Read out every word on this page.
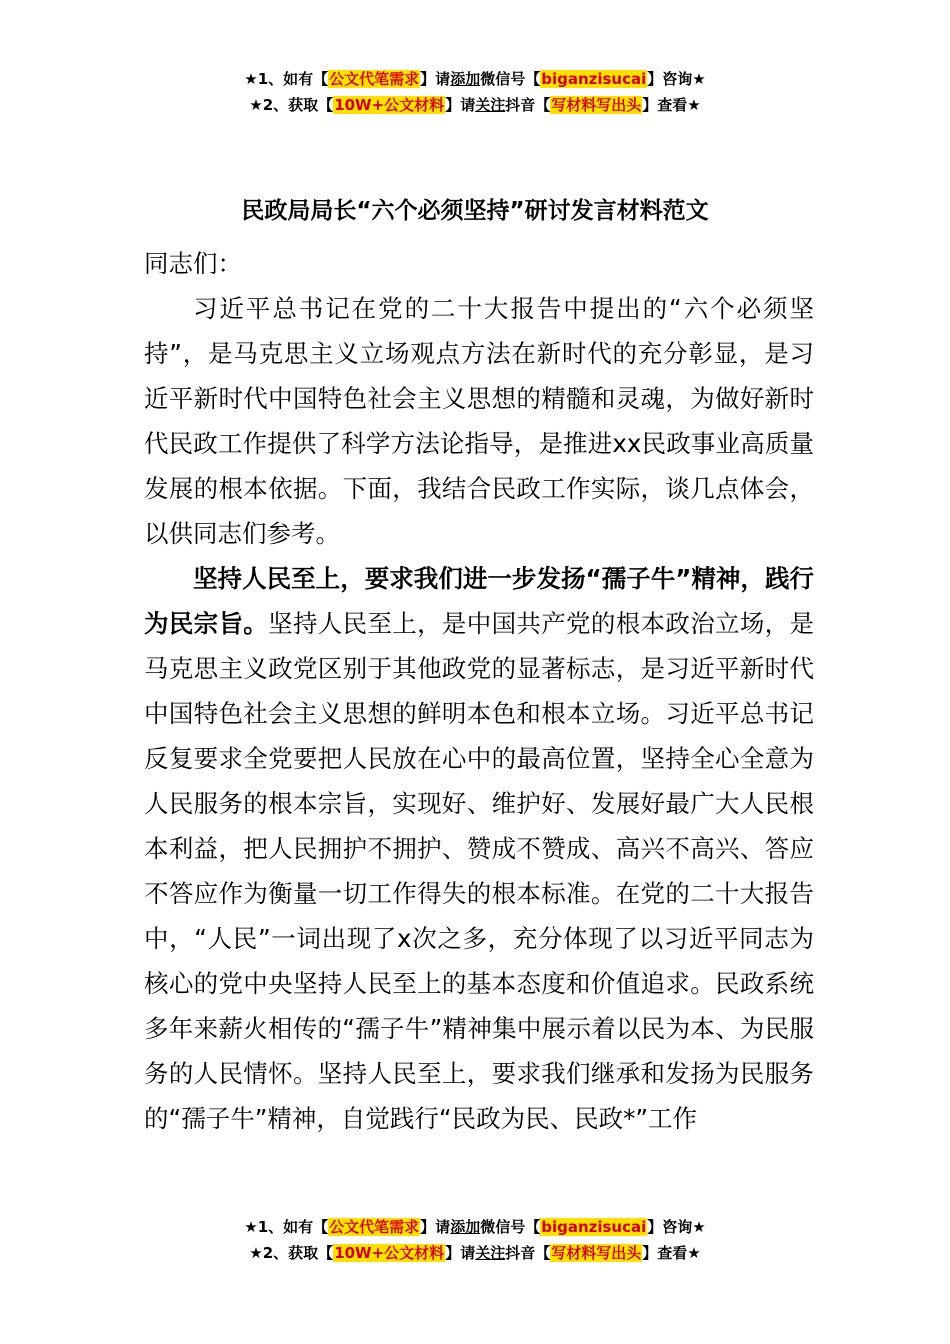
★1、如有【公文代笔需求】请添加微信号【biganzisucai】咨询★
★2、获取【10W+公文材料】请关注抖音【写材料写出头】查看★
民政局局长“六个必须坚持”研讨发言材料范文

同志们：

习近平总书记在党的二十大报告中提出的“六个必须坚持”，是马克思主义立场观点方法在新时代的充分彰显，是习近平新时代中国特色社会主义思想的精髓和灵魂，为做好新时代民政工作提供了科学方法论指导，是推进xx民政事业高质量发展的根本依据。下面，我结合民政工作实际，谈几点体会，以供同志们参考。

坚持人民至上，要求我们进一步发扬“孺子牛”精神，践行为民宗旨。坚持人民至上，是中国共产党的根本政治立场，是马克思主义政党区别于其他政党的显著标志，是习近平新时代中国特色社会主义思想的鲜明本色和根本立场。习近平总书记反复要求全党要把人民放在心中的最高位置，坚持全心全意为人民服务的根本宗旨，实现好、维护好、发展好最广大人民根本利益，把人民拥护不拥护、赞成不赞成、高兴不高兴、答应不答应作为衡量一切工作得失的根本标准。在党的二十大报告中，“人民”一词出现了x次之多，充分体现了以习近平同志为核心的党中央坚持人民至上的基本态度和价值追求。民政系统多年来薪火相传的“孺子牛”精神集中展示着以民为本、为民服务的人民情怀。坚持人民至上，要求我们继承和发扬为民服务的“孺子牛”精神，自觉践行“民政为民、民政*”工作

★1、如有【公文代笔需求】请添加微信号【biganzisucai】咨询★
★2、获取【10W+公文材料】请关注抖音【写材料写出头】查看★
